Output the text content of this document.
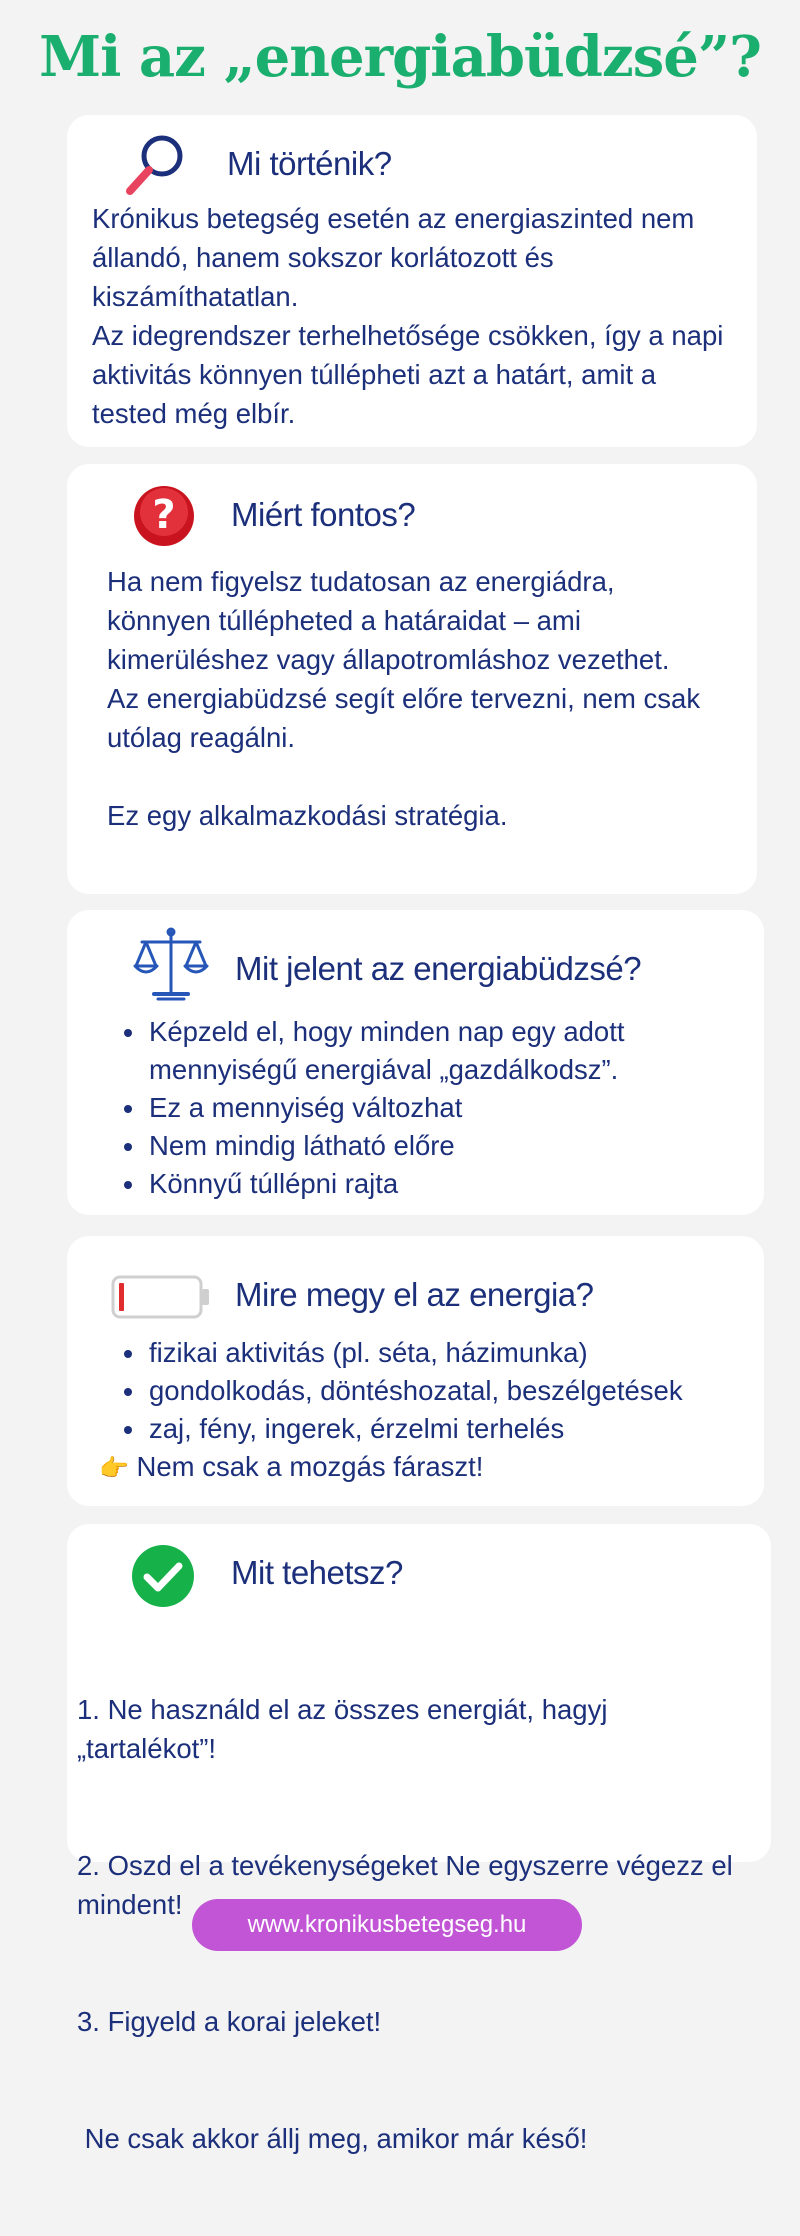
Mi az „energiabüdzsé”?
Mi történik?

Krónikus betegség esetén az energiaszinted nem állandó, hanem sokszor korlátozott és kiszámíthatatlan.

Az idegrendszer terhelhetősége csökken, így a napi aktivitás könnyen túllépheti azt a határt, amit a tested még elbír.

? Miért fontos?

Ha nem figyelsz tudatosan az energiádra, könnyen túllépheted a határaidat – ami kimerüléshez vagy állapotromláshoz vezethet.

Az energiabüdzsé segít előre tervezni, nem csak utólag reagálni.

Ez egy alkalmazkodási stratégia.

Mit jelent az energiabüdzsé?
• Képzeld el, hogy minden nap egy adott mennyiségű energiával „gazdálkodsz”.
• Ez a mennyiség változhat
• Nem mindig látható előre
• Könnyű túllépni rajta
Mire megy el az energia?
• fizikai aktivitás (pl. séta, házimunka)
• gondolkodás, döntéshozatal, beszélgetések
• zaj, fény, ingerek, érzelmi terhelés
👉 Nem csak a mozgás fáraszt!
Mit tehetsz?

1. Ne használd el az összes energiát, hagyj „tartalékot”!

2. Oszd el a tevékenységeket Ne egyszerre végezz el mindent!

3. Figyeld a korai jeleket!

Ne csak akkor állj meg, amikor már késő!

www.kronikusbetegseg.hu
